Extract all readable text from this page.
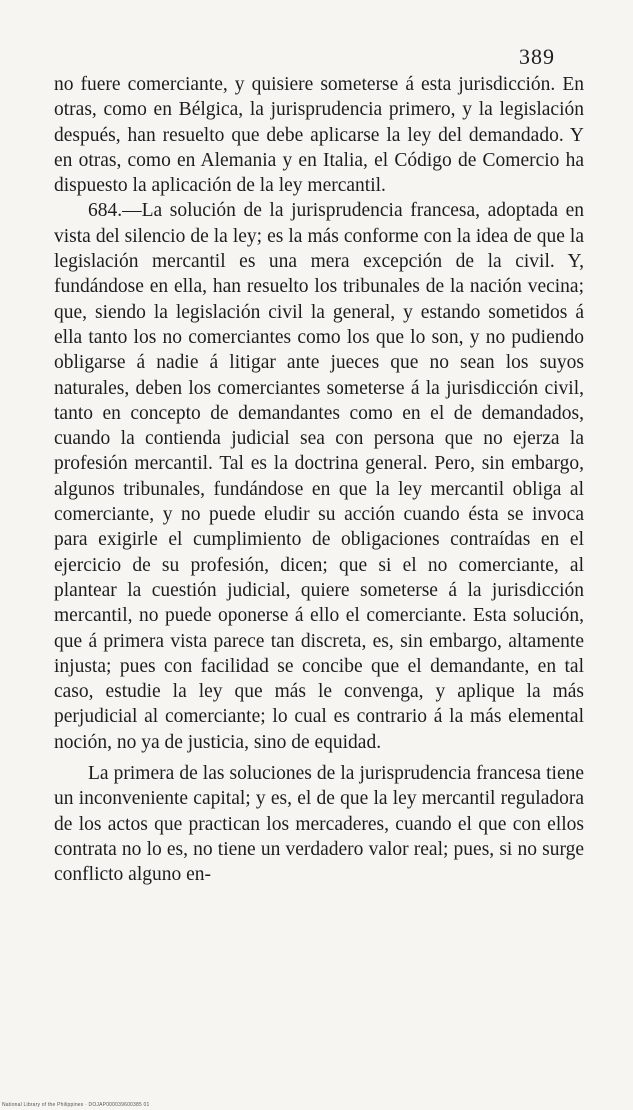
389

no fuere comerciante, y quisiere someterse á esta jurisdicción. En otras, como en Bélgica, la jurisprudencia primero, y la legislación después, han resuelto que debe aplicarse la ley del demandado. Y en otras, como en Alemania y en Italia, el Código de Comercio ha dispuesto la aplicación de la ley mercantil.

684.—La solución de la jurisprudencia francesa, adoptada en vista del silencio de la ley; es la más conforme con la idea de que la legislación mercantil es una mera excepción de la civil. Y, fundándose en ella, han resuelto los tribunales de la nación vecina; que, siendo la legislación civil la general, y estando sometidos á ella tanto los no comerciantes como los que lo son, y no pudiendo obligarse á nadie á litigar ante jueces que no sean los suyos naturales, deben los comerciantes someterse á la jurisdicción civil, tanto en concepto de demandantes como en el de demandados, cuando la contienda judicial sea con persona que no ejerza la profesión mercantil. Tal es la doctrina general. Pero, sin embargo, algunos tribunales, fundándose en que la ley mercantil obliga al comerciante, y no puede eludir su acción cuando ésta se invoca para exigirle el cumplimiento de obligaciones contraídas en el ejercicio de su profesión, dicen; que si el no comerciante, al plantear la cuestión judicial, quiere someterse á la jurisdicción mercantil, no puede oponerse á ello el comerciante. Esta solución, que á primera vista parece tan discreta, es, sin embargo, altamente injusta; pues con facilidad se concibe que el demandante, en tal caso, estudie la ley que más le convenga, y aplique la más perjudicial al comerciante; lo cual es contrario á la más elemental noción, no ya de justicia, sino de equidad.

La primera de las soluciones de la jurisprudencia francesa tiene un inconveniente capital; y es, el de que la ley mercantil reguladora de los actos que practican los mercaderes, cuando el que con ellos contrata no lo es, no tiene un verdadero valor real; pues, si no surge conflicto alguno en-

National Library of the Philippines · DOJAP000039600385 01
